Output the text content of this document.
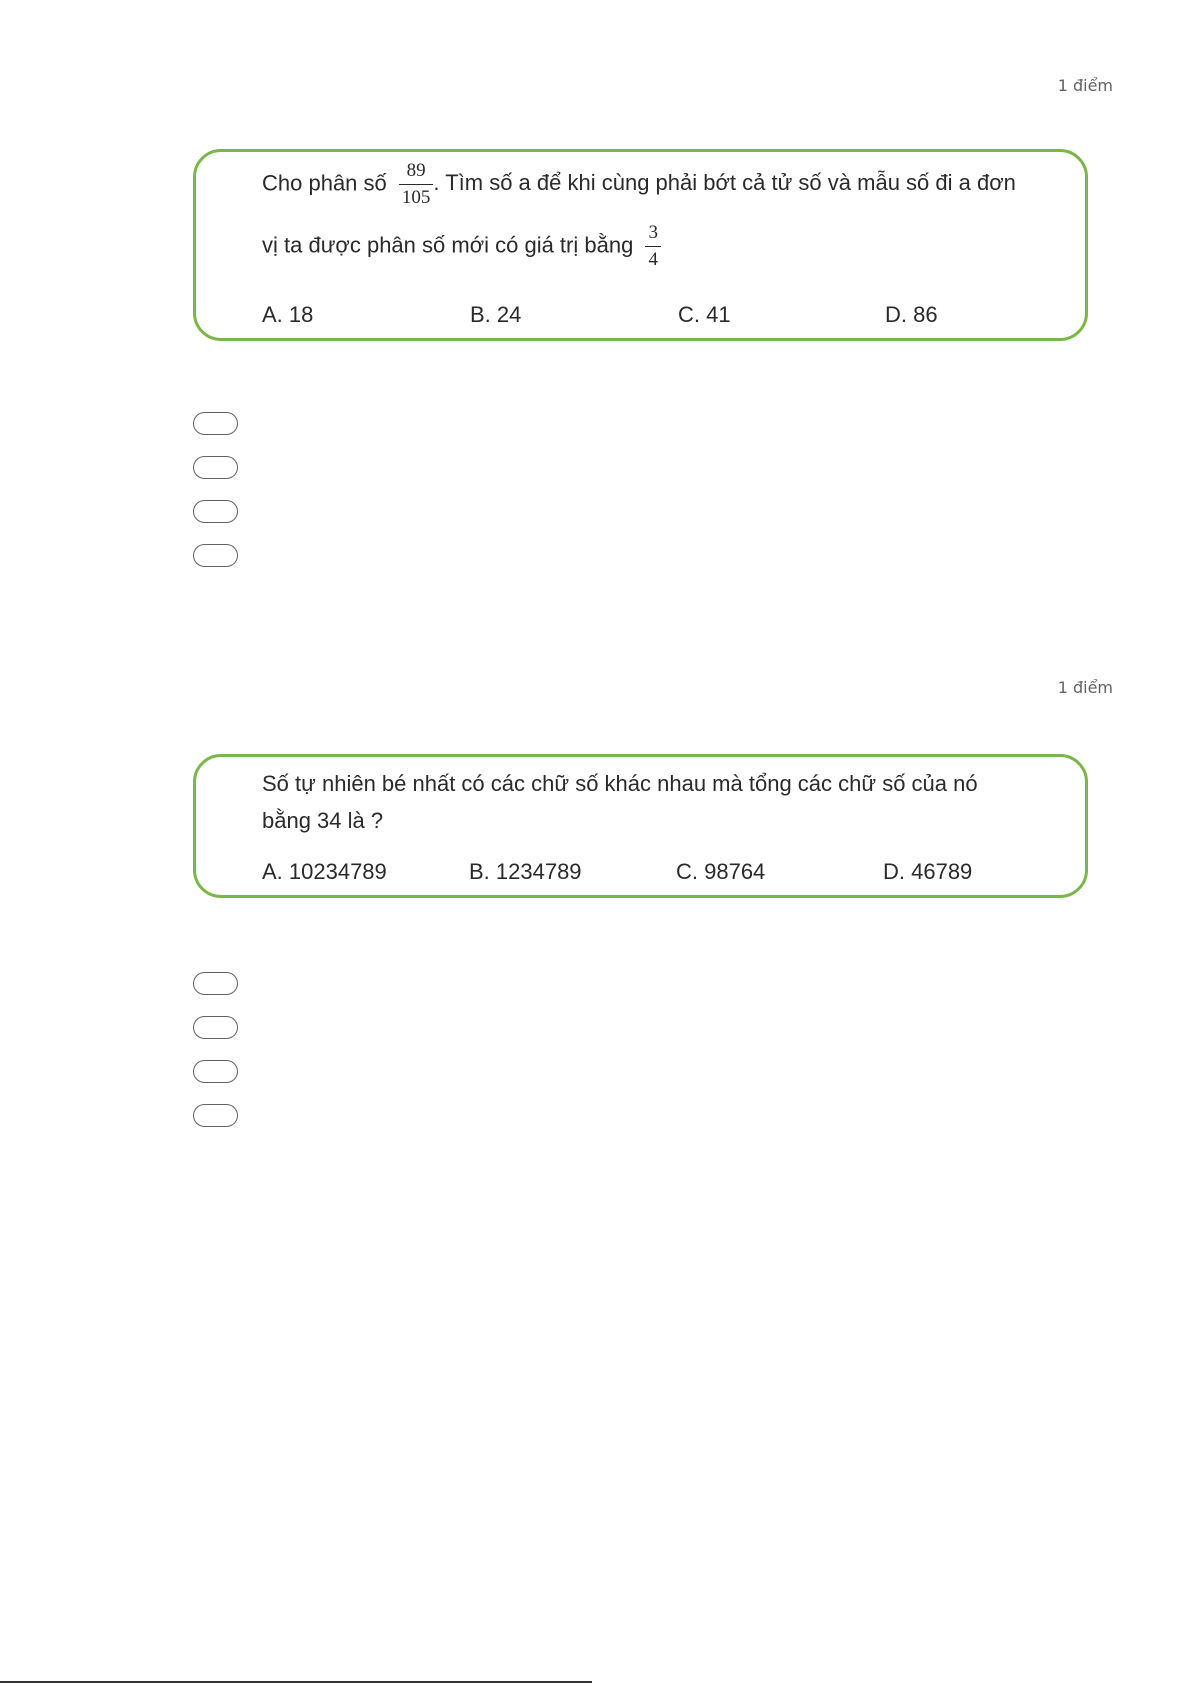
1 điểm
Cho phân số $\frac{89}{105}$ . Tìm số a để khi cùng phải bớt cả tử số và mẫu số đi a đơn
vị ta được phân số mới có giá trị bằng $\frac{3}{4}$
A. 18	B. 24	C. 41	D. 86
1 điểm
Số tự nhiên bé nhất có các chữ số khác nhau mà tổng các chữ số của nó
bằng 34 là ?
A. 10234789	B. 1234789	C. 98764	D. 46789
